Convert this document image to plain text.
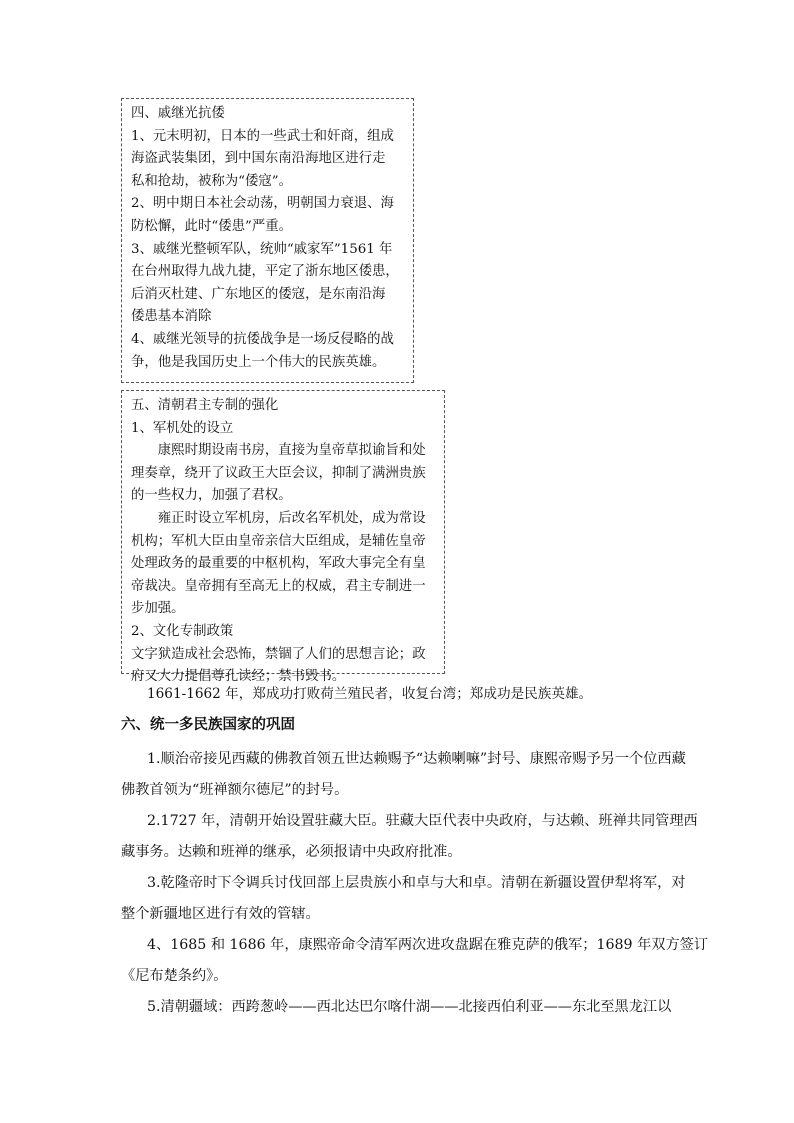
四、戚继光抗倭
1、元末明初，日本的一些武士和奸商，组成
海盗武装集团，到中国东南沿海地区进行走
私和抢劫，被称为“倭寇”。
2、明中期日本社会动荡，明朝国力衰退、海
防松懈，此时“倭患”严重。
3、戚继光整顿军队，统帅“戚家军”1561 年
在台州取得九战九捷，平定了浙东地区倭患，
后消灭杜建、广东地区的倭寇，是东南沿海
倭患基本消除
4、戚继光领导的抗倭战争是一场反侵略的战
争，他是我国历史上一个伟大的民族英雄。
五、清朝君主专制的强化
1、军机处的设立
康熙时期设南书房，直接为皇帝草拟谕旨和处
理奏章，绕开了议政王大臣会议，抑制了满洲贵族
的一些权力，加强了君权。
雍正时设立军机房，后改名军机处，成为常设
机构；军机大臣由皇帝亲信大臣组成，是辅佐皇帝
处理政务的最重要的中枢机构，军政大事完全有皇
帝裁决。皇帝拥有至高无上的权威，君主专制进一
步加强。
2、文化专制政策
文字狱造成社会恐怖，禁锢了人们的思想言论；政
府又大力提倡尊孔读经；禁书毁书。
1661-1662 年，郑成功打败荷兰殖民者，收复台湾；郑成功是民族英雄。
六、统一多民族国家的巩固
1.顺治帝接见西藏的佛教首领五世达赖赐予“达赖喇嘛”封号、康熙帝赐予另一个位西藏
佛教首领为“班禅额尔德尼”的封号。
2.1727 年，清朝开始设置驻藏大臣。驻藏大臣代表中央政府，与达赖、班禅共同管理西
藏事务。达赖和班禅的继承，必须报请中央政府批准。
3.乾隆帝时下令调兵讨伐回部上层贵族小和卓与大和卓。清朝在新疆设置伊犁将军，对
整个新疆地区进行有效的管辖。
4、1685 和 1686 年，康熙帝命令清军两次进攻盘踞在雅克萨的俄军；1689 年双方签订
《尼布楚条约》。
5.清朝疆域：西跨葱岭——西北达巴尔喀什湖——北接西伯利亚——东北至黑龙江以
